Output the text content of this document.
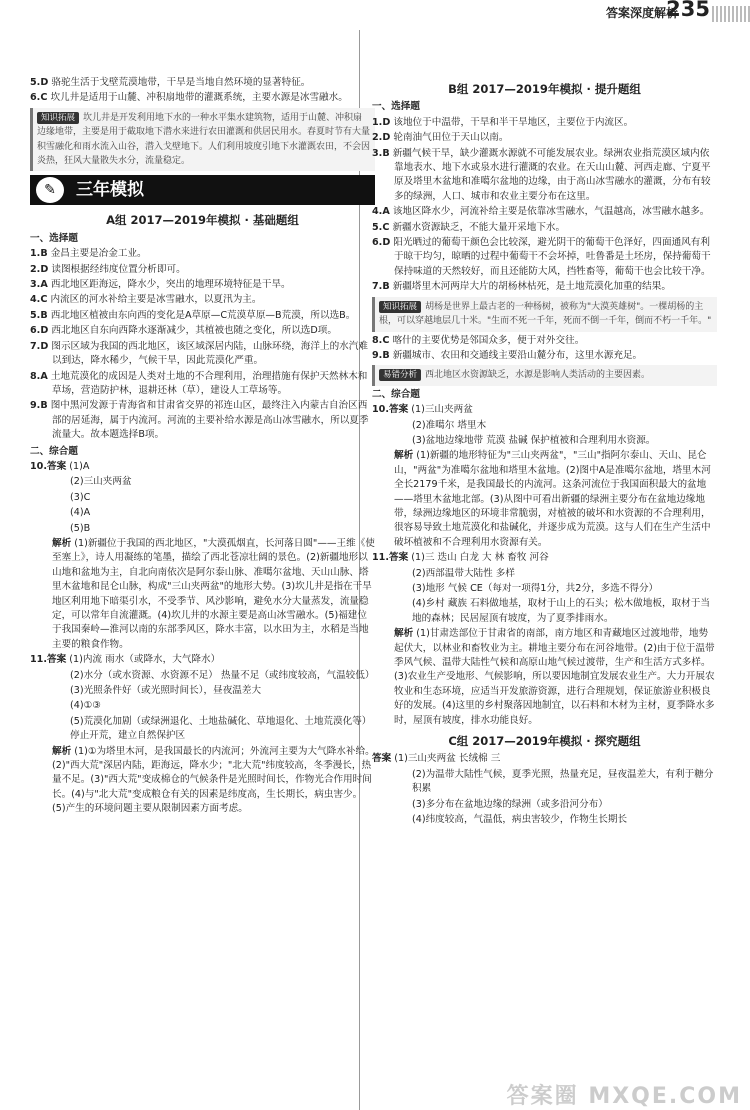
答案深度解析
235
5.D 骆驼生活于戈壁荒漠地带，干旱是当地自然环境的显著特征。
6.C 坎儿井是适用于山麓、冲积扇地带的灌溉系统，主要水源是冰雪融水。
知识拓展 坎儿井是开发利用地下水的一种水平集水建筑物，适用于山麓、冲积扇边缘地带，主要是用于截取地下潜水来进行农田灌溉和供居民用水。春夏时节有大量积雪融化和雨水流入山谷，潜入戈壁地下。人们利用坡度引地下水灌溉农田，不会因炎热，狂风大量散失水分，流量稳定。
✎	三年模拟
A组 2017—2019年模拟 · 基础题组
一、选择题
1.B 金昌主要是冶金工业。
2.D 读图根据经纬度位置分析即可。
3.A 西北地区距海远，降水少，突出的地理环境特征是干旱。
4.C 内流区的河水补给主要是冰雪融水，以夏汛为主。
5.B 西北地区植被由东向西的变化是A草原—C荒漠草原—B荒漠，所以选B。
6.D 西北地区自东向西降水逐渐减少，其植被也随之变化，所以选D项。
7.D 图示区域为我国的西北地区，该区域深居内陆，山脉环绕，海洋上的水汽难以到达，降水稀少，气候干旱，因此荒漠化严重。
8.A 土地荒漠化的成因是人类对土地的不合理利用，治理措施有保护天然林木和草场，营造防护林，退耕还林（草），建设人工草场等。
9.B 图中黑河发源于青海省和甘肃省交界的祁连山区，最终注入内蒙古自治区西部的居延海，属于内流河。河流的主要补给水源是高山冰雪融水，所以夏季流量大。故本题选择B项。
二、综合题
10.答案 (1)A
(2)三山夹两盆
(3)C
(4)A
(5)B
解析 (1)新疆位于我国的西北地区，"大漠孤烟直，长河落日圆"——王维《使至塞上》，诗人用凝练的笔墨，描绘了西北苍凉壮阔的景色。(2)新疆地形以山地和盆地为主，自北向南依次是阿尔泰山脉、准噶尔盆地、天山山脉、塔里木盆地和昆仑山脉，构成"三山夹两盆"的地形大势。(3)坎儿井是指在干旱地区利用地下暗渠引水，不受季节、风沙影响，避免水分大量蒸发，流量稳定，可以常年自流灌溉。(4)坎儿井的水源主要是高山冰雪融水。(5)福建位于我国秦岭—淮河以南的东部季风区，降水丰富，以水田为主，水稻是当地主要的粮食作物。
11.答案 (1)内流 雨水（或降水，大气降水）
(2)水分（或水资源、水资源不足） 热量不足（或纬度较高，气温较低）
(3)光照条件好（或光照时间长），昼夜温差大
(4)①③
(5)荒漠化加剧（或绿洲退化、土地盐碱化、草地退化、土地荒漠化等） 停止开荒，建立自然保护区
解析 (1)①为塔里木河，是我国最长的内流河；外流河主要为大气降水补给。(2)"西大荒"深居内陆，距海远，降水少；"北大荒"纬度较高，冬季漫长，热量不足。(3)"西大荒"变成棉仓的气候条件是光照时间长，作物光合作用时间长。(4)与"北大荒"变成粮仓有关的因素是纬度高，生长期长，病虫害少。(5)产生的环境问题主要从限制因素方面考虑。
B组 2017—2019年模拟 · 提升题组
一、选择题
1.D 该地位于中温带，干旱和半干旱地区，主要位于内流区。
2.D 轮南油气田位于天山以南。
3.B 新疆气候干旱，缺少灌溉水源就不可能发展农业。绿洲农业指荒漠区域内依靠地表水、地下水或泉水进行灌溉的农业。在天山山麓、河西走廊、宁夏平原及塔里木盆地和准噶尔盆地的边缘，由于高山冰雪融水的灌溉，分布有较多的绿洲，人口、城市和农业主要分布在这里。
4.A 该地区降水少，河流补给主要是依靠冰雪融水，气温越高，冰雪融水越多。
5.C 新疆水资源缺乏，不能大量开采地下水。
6.D 阳光晒过的葡萄干颜色会比较深，避光阴干的葡萄干色泽好，四面通风有利于晾干均匀，晾晒的过程中葡萄干不会坏掉，吐鲁番是土坯房，保持葡萄干保持味道的天然较好，而且还能防大风，挡牲畜等，葡萄干也会比较干净。
7.B 新疆塔里木河两岸大片的胡杨林枯死，是土地荒漠化加重的结果。
知识拓展 胡杨是世界上最古老的一种杨树，被称为"大漠英雄树"。一棵胡杨的主根，可以穿越地层几十米。"生而不死一千年，死而不倒一千年，倒而不朽一千年。"
8.C 喀什的主要优势是邻国众多，便于对外交往。
9.B 新疆城市、农田和交通线主要沿山麓分布，这里水源充足。
易错分析 西北地区水资源缺乏，水源是影响人类活动的主要因素。
二、综合题
10.答案 (1)三山夹两盆
(2)准噶尔 塔里木
(3)盆地边缘地带 荒漠 盐碱 保护植被和合理利用水资源。
解析 (1)新疆的地形特征为"三山夹两盆"，"三山"指阿尔泰山、天山、昆仑山，"两盆"为准噶尔盆地和塔里木盆地。(2)图中A是准噶尔盆地，塔里木河全长2179千米，是我国最长的内流河。这条河流位于我国面积最大的盆地——塔里木盆地北部。(3)从图中可看出新疆的绿洲主要分布在盆地边缘地带，绿洲边缘地区的环境非常脆弱，对植被的破坏和水资源的不合理利用，很容易导致土地荒漠化和盐碱化，并逐步成为荒漠。这与人们在生产生活中破坏植被和不合理利用水资源有关。
11.答案 (1)三 迭山 白龙 大 林 畜牧 河谷
(2)西部温带大陆性 多样
(3)地形 气候 CE（每对一项得1分，共2分，多选不得分）
(4)乡村 藏族 石料做地基，取材于山上的石头；松木做地板，取材于当地的森林；民居屋顶有坡度，为了夏季排雨水。
解析 (1)甘肃迭部位于甘肃省的南部，南方地区和青藏地区过渡地带，地势起伏大，以林业和畜牧业为主。耕地主要分布在河谷地带。(2)由于位于温带季风气候、温带大陆性气候和高原山地气候过渡带，生产和生活方式多样。(3)农业生产受地形、气候影响，所以要因地制宜发展农业生产。大力开展农牧业和生态环境，应适当开发旅游资源，进行合理规划，保证旅游业积极良好的发展。(4)这里的乡村聚落因地制宜，以石料和木材为主材，夏季降水多时，屋顶有坡度，排水功能良好。
C组 2017—2019年模拟 · 探究题组
答案 (1)三山夹两盆 长绒棉 三
(2)为温带大陆性气候，夏季光照，热量充足，昼夜温差大，有利于糖分积累
(3)多分布在盆地边缘的绿洲（或多沿河分布）
(4)纬度较高，气温低，病虫害较少，作物生长期长
答案圈 MXQE.COM
